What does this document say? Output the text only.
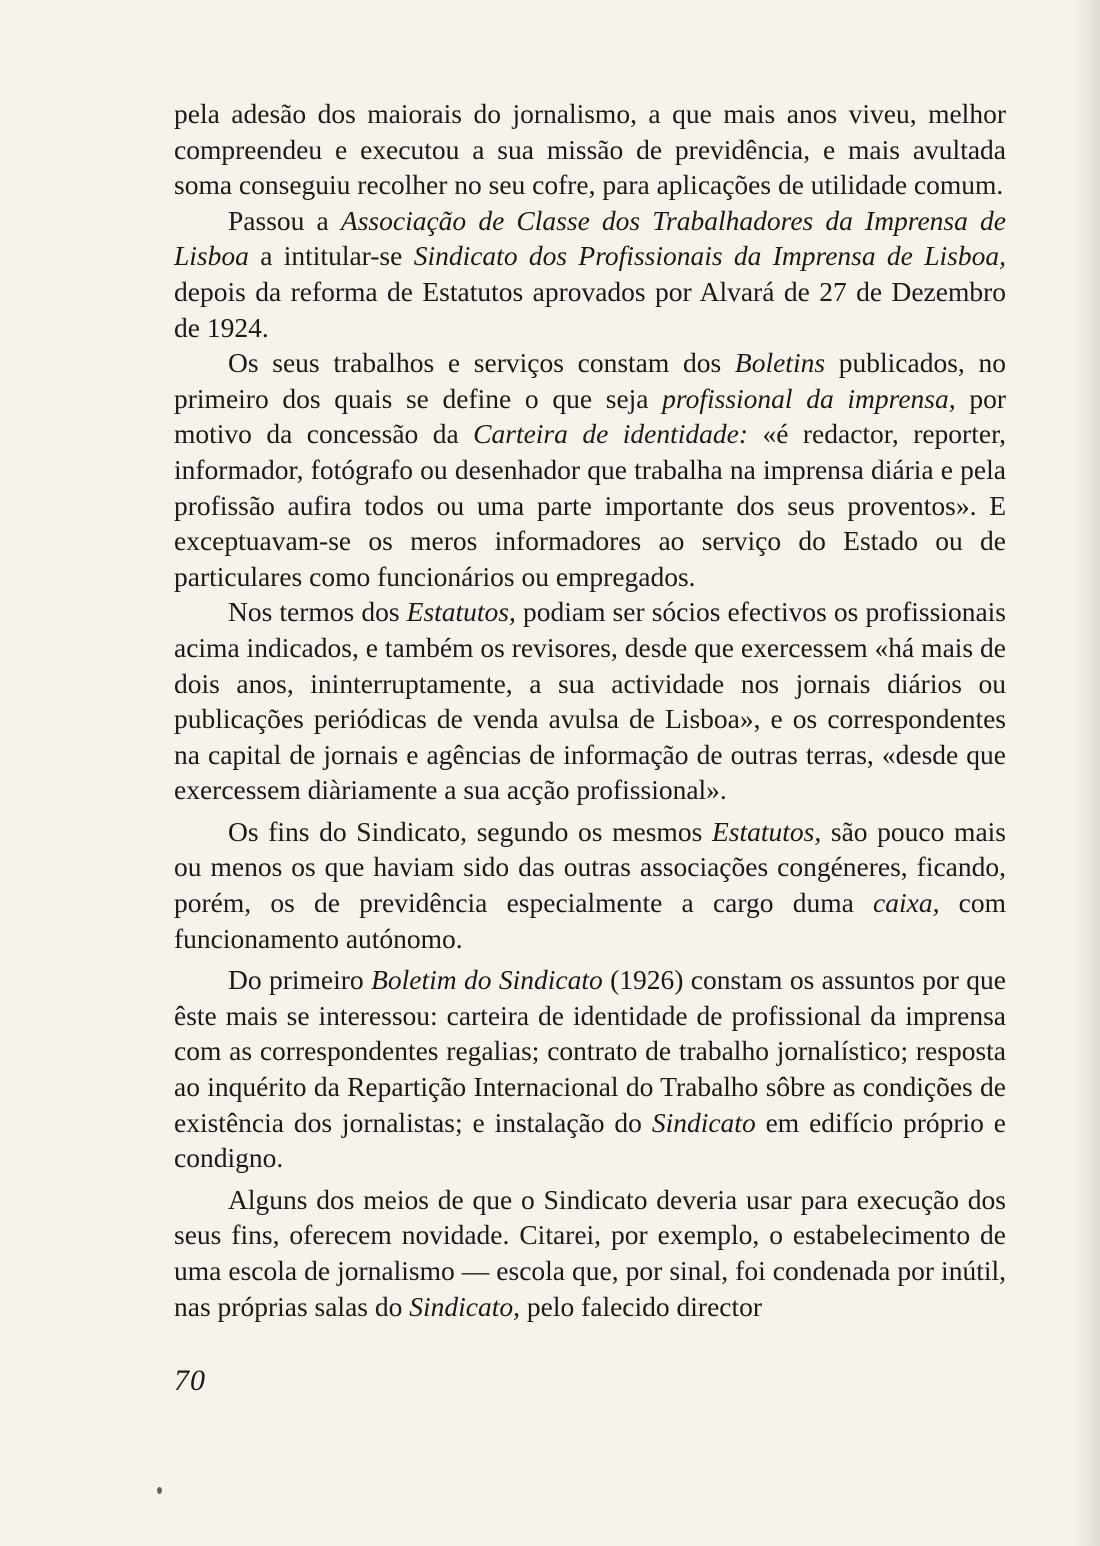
pela adesão dos maiorais do jornalismo, a que mais anos viveu, melhor compreendeu e executou a sua missão de previdência, e mais avultada soma conseguiu recolher no seu cofre, para aplicações de utilidade comum.

Passou a Associação de Classe dos Trabalhadores da Imprensa de Lisboa a intitular-se Sindicato dos Profissionais da Imprensa de Lisboa, depois da reforma de Estatutos aprovados por Alvará de 27 de Dezembro de 1924.

Os seus trabalhos e serviços constam dos Boletins publicados, no primeiro dos quais se define o que seja profissional da imprensa, por motivo da concessão da Carteira de identidade: «é redactor, reporter, informador, fotógrafo ou desenhador que trabalha na imprensa diária e pela profissão aufira todos ou uma parte importante dos seus proventos». E exceptuavam-se os meros informadores ao serviço do Estado ou de particulares como funcionários ou empregados.

Nos termos dos Estatutos, podiam ser sócios efectivos os profissionais acima indicados, e também os revisores, desde que exercessem «há mais de dois anos, ininterruptamente, a sua actividade nos jornais diários ou publicações periódicas de venda avulsa de Lisboa», e os correspondentes na capital de jornais e agências de informação de outras terras, «desde que exercessem diàriamente a sua acção profissional».

Os fins do Sindicato, segundo os mesmos Estatutos, são pouco mais ou menos os que haviam sido das outras associações congéneres, ficando, porém, os de previdência especialmente a cargo duma caixa, com funcionamento autónomo.

Do primeiro Boletim do Sindicato (1926) constam os assuntos por que êste mais se interessou: carteira de identidade de profissional da imprensa com as correspondentes regalias; contrato de trabalho jornalístico; resposta ao inquérito da Repartição Internacional do Trabalho sôbre as condições de existência dos jornalistas; e instalação do Sindicato em edifício próprio e condigno.

Alguns dos meios de que o Sindicato deveria usar para execução dos seus fins, oferecem novidade. Citarei, por exemplo, o estabelecimento de uma escola de jornalismo — escola que, por sinal, foi condenada por inútil, nas próprias salas do Sindicato, pelo falecido director

70
